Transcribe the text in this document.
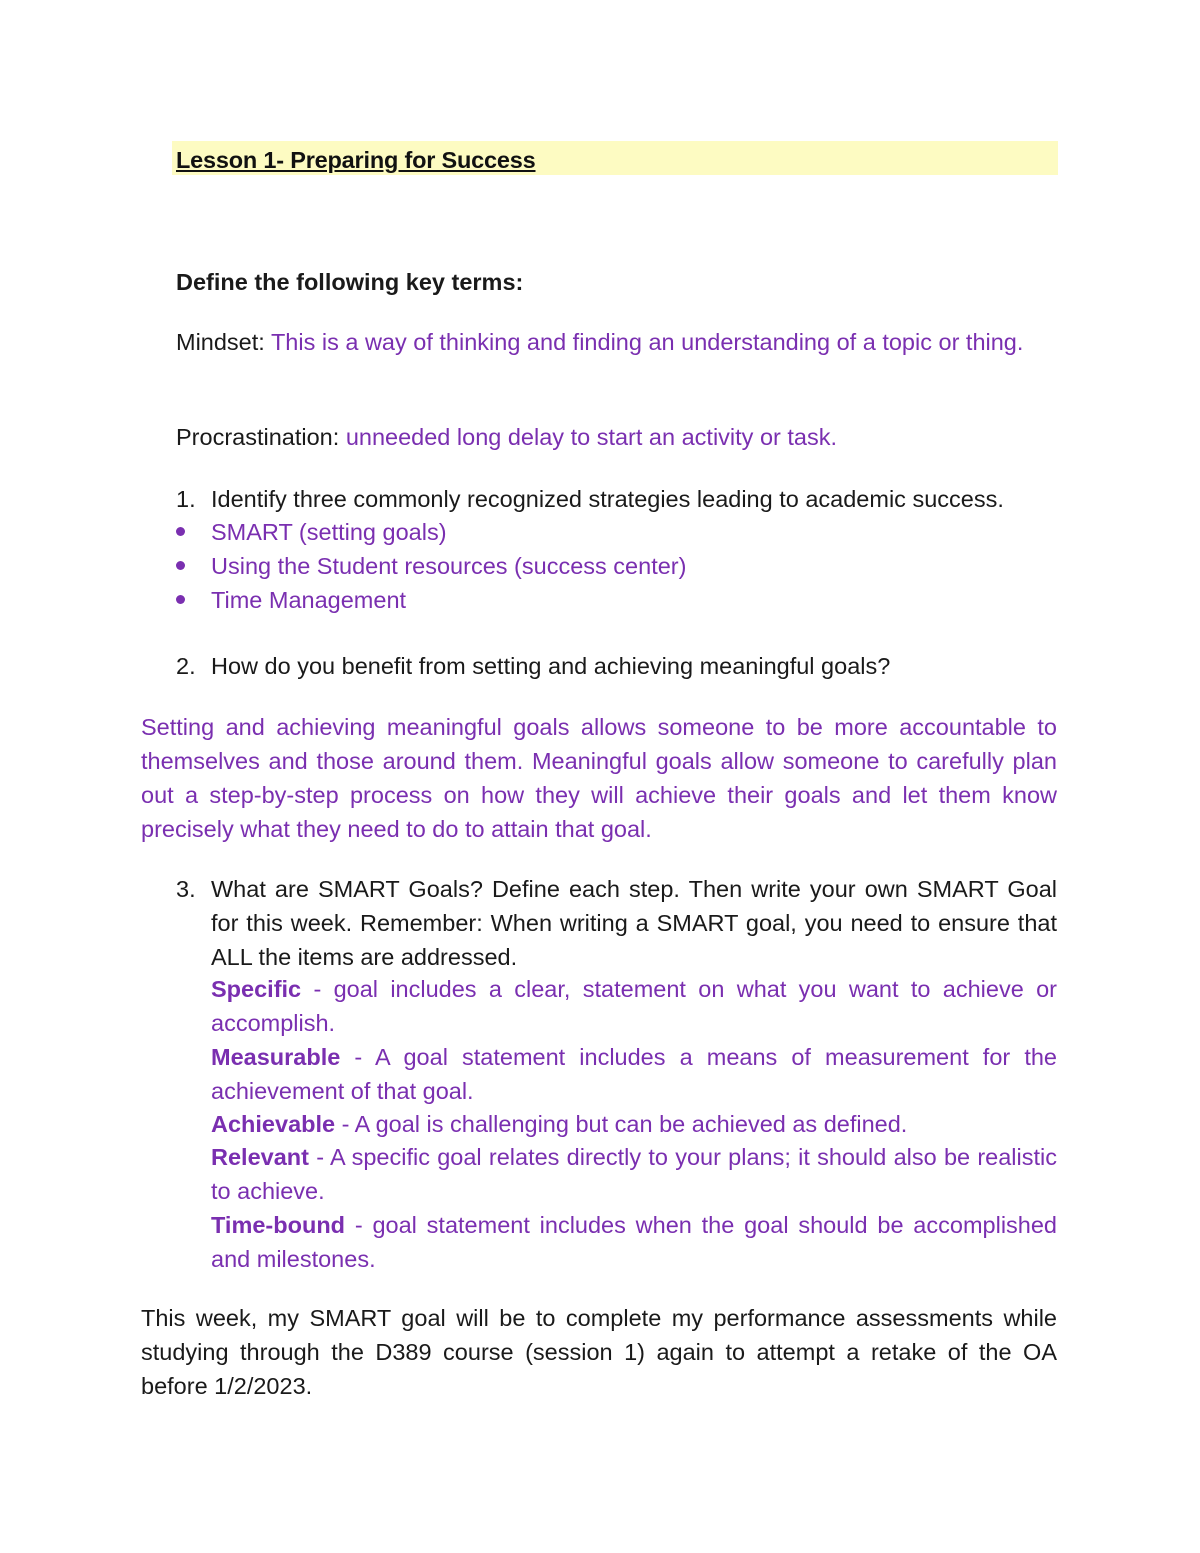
Lesson 1- Preparing for Success
Define the following key terms:
Mindset: This is a way of thinking and finding an understanding of a topic or thing.
Procrastination: unneeded long delay to start an activity or task.
1. Identify three commonly recognized strategies leading to academic success.
SMART (setting goals)
Using the Student resources (success center)
Time Management
2. How do you benefit from setting and achieving meaningful goals?
Setting and achieving meaningful goals allows someone to be more accountable to themselves and those around them. Meaningful goals allow someone to carefully plan out a step-by-step process on how they will achieve their goals and let them know precisely what they need to do to attain that goal.
3. What are SMART Goals? Define each step. Then write your own SMART Goal for this week. Remember: When writing a SMART goal, you need to ensure that ALL the items are addressed.
Specific - goal includes a clear, statement on what you want to achieve or accomplish.
Measurable - A goal statement includes a means of measurement for the achievement of that goal.
Achievable - A goal is challenging but can be achieved as defined.
Relevant - A specific goal relates directly to your plans; it should also be realistic to achieve.
Time-bound - goal statement includes when the goal should be accomplished and milestones.
This week, my SMART goal will be to complete my performance assessments while studying through the D389 course (session 1) again to attempt a retake of the OA before 1/2/2023.
